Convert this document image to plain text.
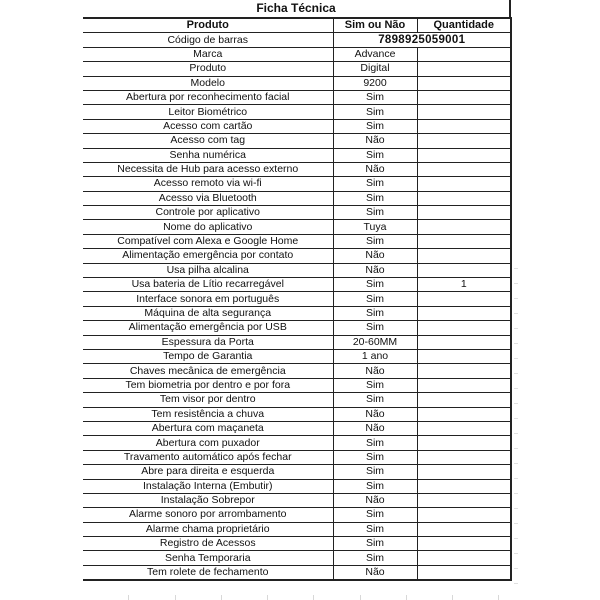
Ficha Técnica
Produto	Sim ou Não	Quantidade
Código de barras	7898925059001	
Marca	Advance	
Produto	Digital	
Modelo	9200	
Abertura por reconhecimento facial	Sim	
Leitor Biométrico	Sim	
Acesso com cartão	Sim	
Acesso com tag	Não	
Senha numérica	Sim	
Necessita de Hub para acesso externo	Não	
Acesso remoto via wi-fi	Sim	
Acesso via Bluetooth	Sim	
Controle por aplicativo	Sim	
Nome do aplicativo	Tuya	
Compatível com Alexa e Google Home	Sim	
Alimentação emergência por contato	Não	
Usa pilha alcalina	Não	
Usa bateria de Lítio recarregável	Sim	1
Interface sonora em português	Sim	
Máquina de alta segurança	Sim	
Alimentação emergência por USB	Sim	
Espessura da Porta	20-60MM	
Tempo de Garantia	1 ano	
Chaves mecânica de emergência	Não	
Tem biometria por dentro e por fora	Sim	
Tem visor por dentro	Sim	
Tem resistência a chuva	Não	
Abertura com maçaneta	Não	
Abertura com puxador	Sim	
Travamento automático após fechar	Sim	
Abre para direita e esquerda	Sim	
Instalação Interna (Embutir)	Sim	
Instalação Sobrepor	Não	
Alarme sonoro por arrombamento	Sim	
Alarme chama proprietário	Sim	
Registro de Acessos	Sim	
Senha Temporaria	Sim	
Tem rolete de fechamento	Não	
